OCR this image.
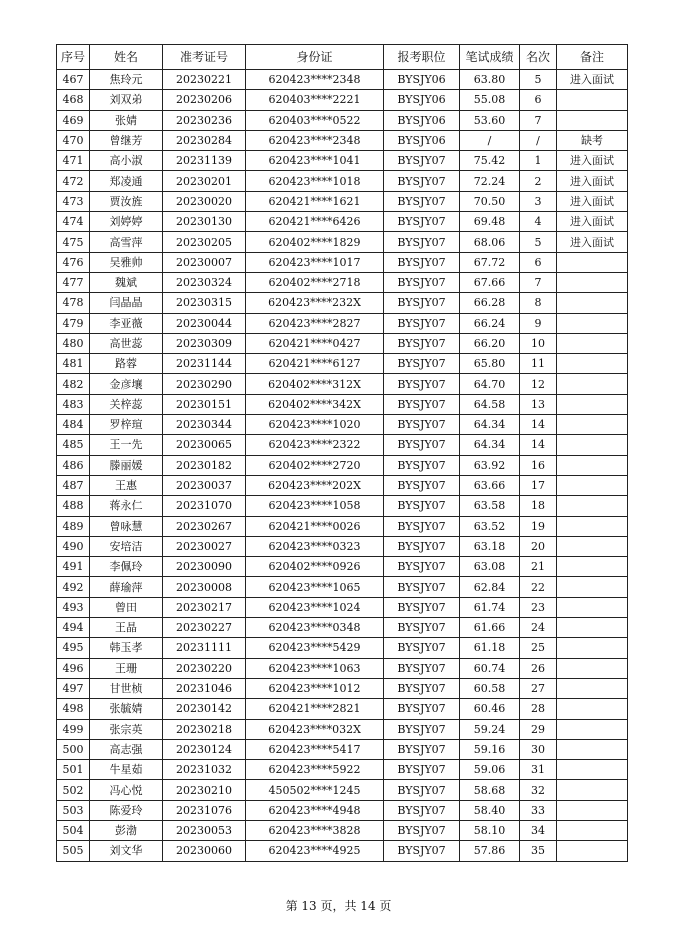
序号	姓名	准考证号	身份证	报考职位	笔试成绩	名次	备注
467	焦玲元	20230221	620423****2348	BYSJY06	63.80	5	进入面试
468	刘双弟	20230206	620403****2221	BYSJY06	55.08	6	
469	张婧	20230236	620403****0522	BYSJY06	53.60	7	
470	曾继芳	20230284	620423****2348	BYSJY06	/	/	缺考
471	高小淑	20231139	620423****1041	BYSJY07	75.42	1	进入面试
472	郑凌通	20230201	620423****1018	BYSJY07	72.24	2	进入面试
473	贾汝旌	20230020	620421****1621	BYSJY07	70.50	3	进入面试
474	刘婷婷	20230130	620421****6426	BYSJY07	69.48	4	进入面试
475	高雪萍	20230205	620402****1829	BYSJY07	68.06	5	进入面试
476	吴雅帅	20230007	620423****1017	BYSJY07	67.72	6	
477	魏斌	20230324	620402****2718	BYSJY07	67.66	7	
478	闫晶晶	20230315	620423****232X	BYSJY07	66.28	8	
479	李亚薇	20230044	620423****2827	BYSJY07	66.24	9	
480	高世蕊	20230309	620421****0427	BYSJY07	66.20	10	
481	路蓉	20231144	620421****6127	BYSJY07	65.80	11	
482	金彦壤	20230290	620402****312X	BYSJY07	64.70	12	
483	关梓蕊	20230151	620402****342X	BYSJY07	64.58	13	
484	罗梓瑄	20230344	620423****1020	BYSJY07	64.34	14	
485	王一先	20230065	620423****2322	BYSJY07	64.34	14	
486	滕丽媛	20230182	620402****2720	BYSJY07	63.92	16	
487	王惠	20230037	620423****202X	BYSJY07	63.66	17	
488	蒋永仁	20231070	620423****1058	BYSJY07	63.58	18	
489	曾咏慧	20230267	620421****0026	BYSJY07	63.52	19	
490	安培洁	20230027	620423****0323	BYSJY07	63.18	20	
491	李佩玲	20230090	620402****0926	BYSJY07	63.08	21	
492	薛瑜萍	20230008	620423****1065	BYSJY07	62.84	22	
493	曾田	20230217	620423****1024	BYSJY07	61.74	23	
494	王晶	20230227	620423****0348	BYSJY07	61.66	24	
495	韩玉孝	20231111	620423****5429	BYSJY07	61.18	25	
496	王珊	20230220	620423****1063	BYSJY07	60.74	26	
497	甘世桢	20231046	620423****1012	BYSJY07	60.58	27	
498	张毓婧	20230142	620421****2821	BYSJY07	60.46	28	
499	张宗英	20230218	620423****032X	BYSJY07	59.24	29	
500	高志强	20230124	620423****5417	BYSJY07	59.16	30	
501	牛星茹	20231032	620423****5922	BYSJY07	59.06	31	
502	冯心悦	20230210	450502****1245	BYSJY07	58.68	32	
503	陈爱玲	20231076	620423****4948	BYSJY07	58.40	33	
504	彭渤	20230053	620423****3828	BYSJY07	58.10	34	
505	刘文华	20230060	620423****4925	BYSJY07	57.86	35	
第 13 页，共 14 页
